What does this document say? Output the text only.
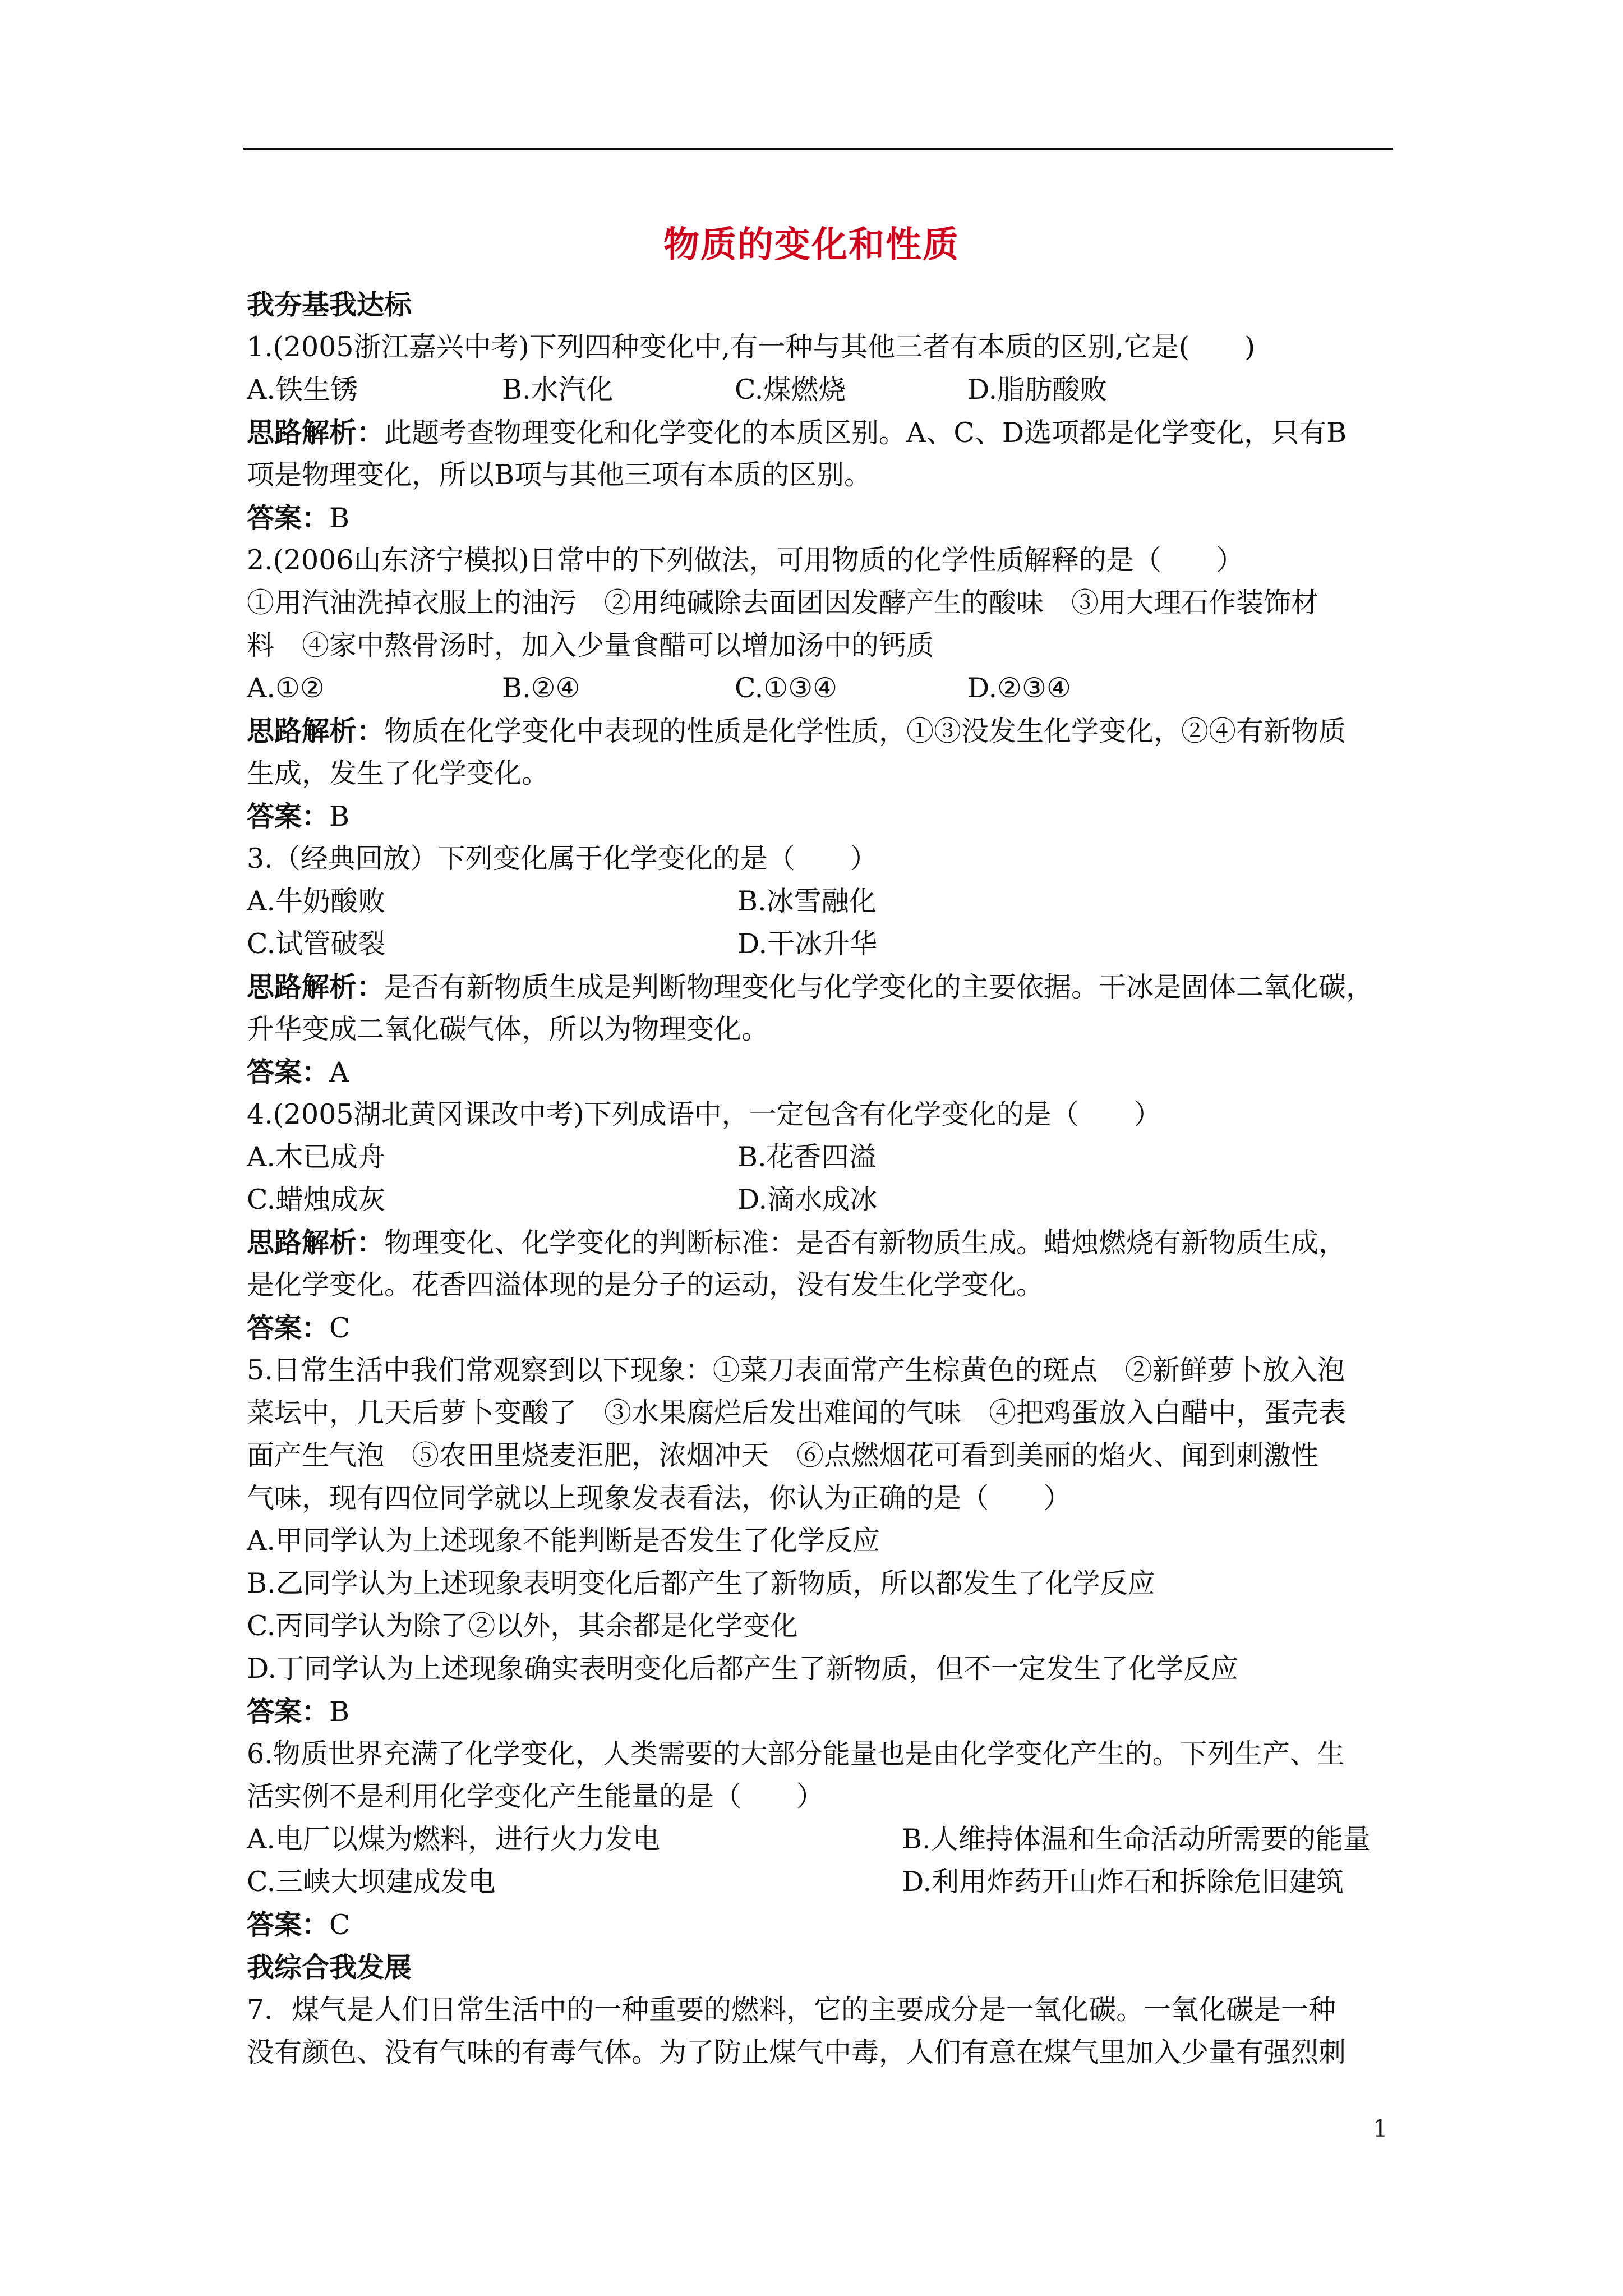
物质的变化和性质
我夯基我达标
1.(2005浙江嘉兴中考)下列四种变化中,有一种与其他三者有本质的区别,它是(　　)
A.铁生锈	B.水汽化	C.煤燃烧	D.脂肪酸败
思路解析：此题考查物理变化和化学变化的本质区别。A、C、D选项都是化学变化，只有B
项是物理变化，所以B项与其他三项有本质的区别。
答案：B
2.(2006山东济宁模拟)日常中的下列做法，可用物质的化学性质解释的是（　　）
①用汽油洗掉衣服上的油污　②用纯碱除去面团因发酵产生的酸味　③用大理石作装饰材
料　④家中熬骨汤时，加入少量食醋可以增加汤中的钙质
A.①②	B.②④	C.①③④	D.②③④
思路解析：物质在化学变化中表现的性质是化学性质，①③没发生化学变化，②④有新物质
生成，发生了化学变化。
答案：B
3.（经典回放）下列变化属于化学变化的是（　　）
A.牛奶酸败	B.冰雪融化
C.试管破裂	D.干冰升华
思路解析：是否有新物质生成是判断物理变化与化学变化的主要依据。干冰是固体二氧化碳，
升华变成二氧化碳气体，所以为物理变化。
答案：A
4.(2005湖北黄冈课改中考)下列成语中，一定包含有化学变化的是（　　）
A.木已成舟	B.花香四溢
C.蜡烛成灰	D.滴水成冰
思路解析：物理变化、化学变化的判断标准：是否有新物质生成。蜡烛燃烧有新物质生成，
是化学变化。花香四溢体现的是分子的运动，没有发生化学变化。
答案：C
5.日常生活中我们常观察到以下现象：①菜刀表面常产生棕黄色的斑点　②新鲜萝卜放入泡
菜坛中，几天后萝卜变酸了　③水果腐烂后发出难闻的气味　④把鸡蛋放入白醋中，蛋壳表
面产生气泡　⑤农田里烧麦洰肥，浓烟冲天　⑥点燃烟花可看到美丽的焰火、闻到刺激性
气味，现有四位同学就以上现象发表看法，你认为正确的是（　　）
A.甲同学认为上述现象不能判断是否发生了化学反应
B.乙同学认为上述现象表明变化后都产生了新物质，所以都发生了化学反应
C.丙同学认为除了②以外，其余都是化学变化
D.丁同学认为上述现象确实表明变化后都产生了新物质，但不一定发生了化学反应
答案：B
6.物质世界充满了化学变化，人类需要的大部分能量也是由化学变化产生的。下列生产、生
活实例不是利用化学变化产生能量的是（　　）
A.电厂以煤为燃料，进行火力发电	B.人维持体温和生命活动所需要的能量
C.三峡大坝建成发电	D.利用炸药开山炸石和拆除危旧建筑
答案：C
我综合我发展
7．煤气是人们日常生活中的一种重要的燃料，它的主要成分是一氧化碳。一氧化碳是一种
没有颜色、没有气味的有毒气体。为了防止煤气中毒，人们有意在煤气里加入少量有强烈刺
1
